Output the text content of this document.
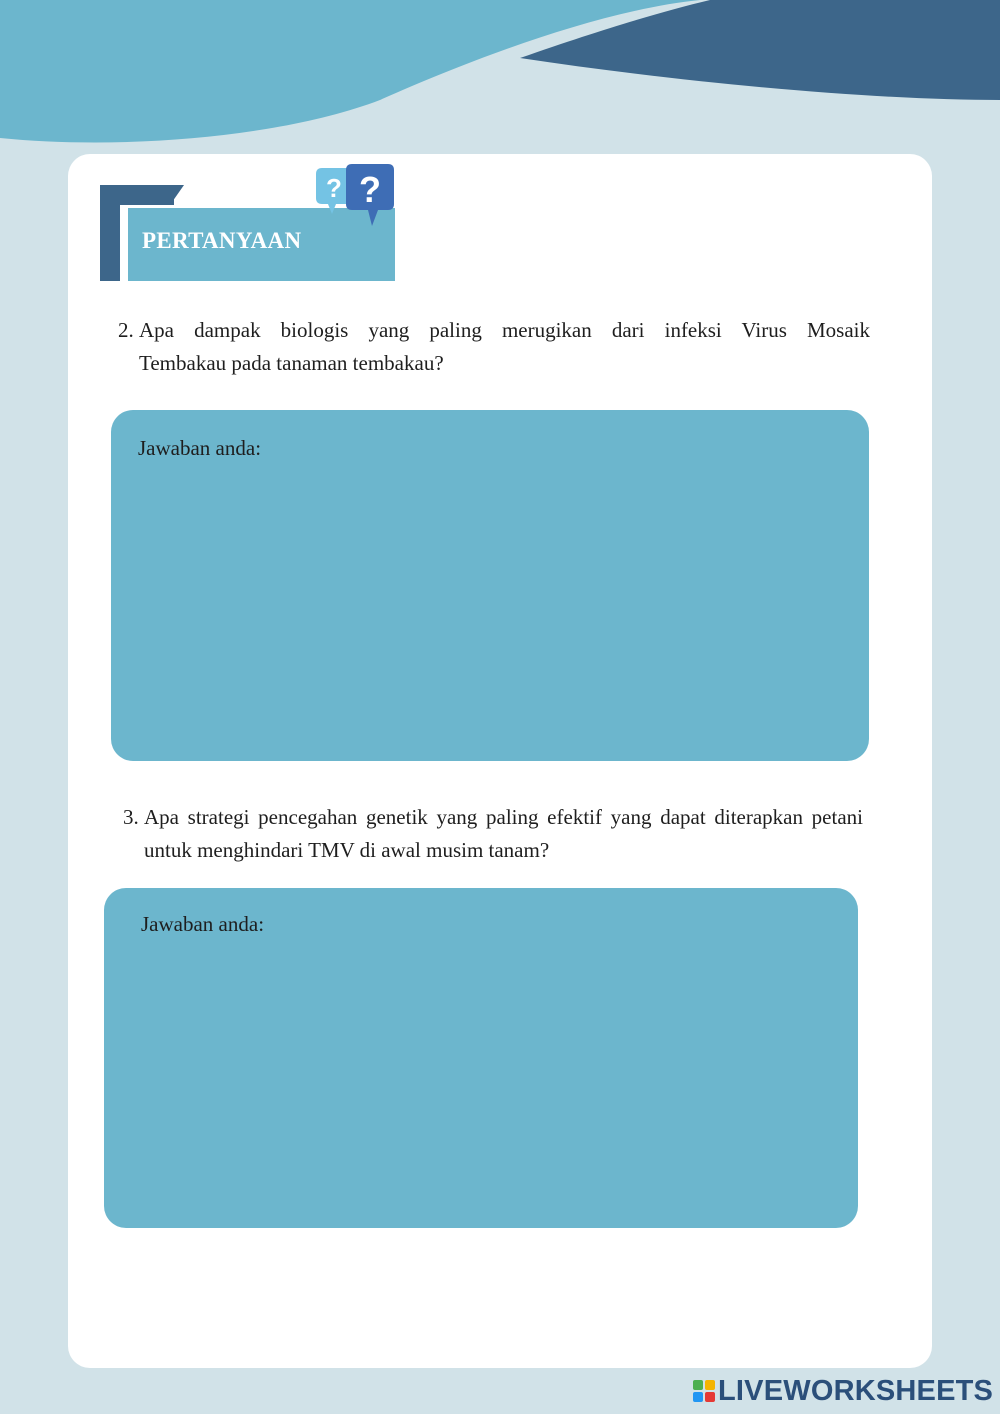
PERTANYAAN
? ?
2. Apa dampak biologis yang paling merugikan dari infeksi Virus Mosaik
Tembakau pada tanaman tembakau?
Jawaban anda:
3. Apa strategi pencegahan genetik yang paling efektif yang dapat diterapkan petani untuk menghindari TMV di awal musim tanam?
Jawaban anda:
LIVEWORKSHEETS
